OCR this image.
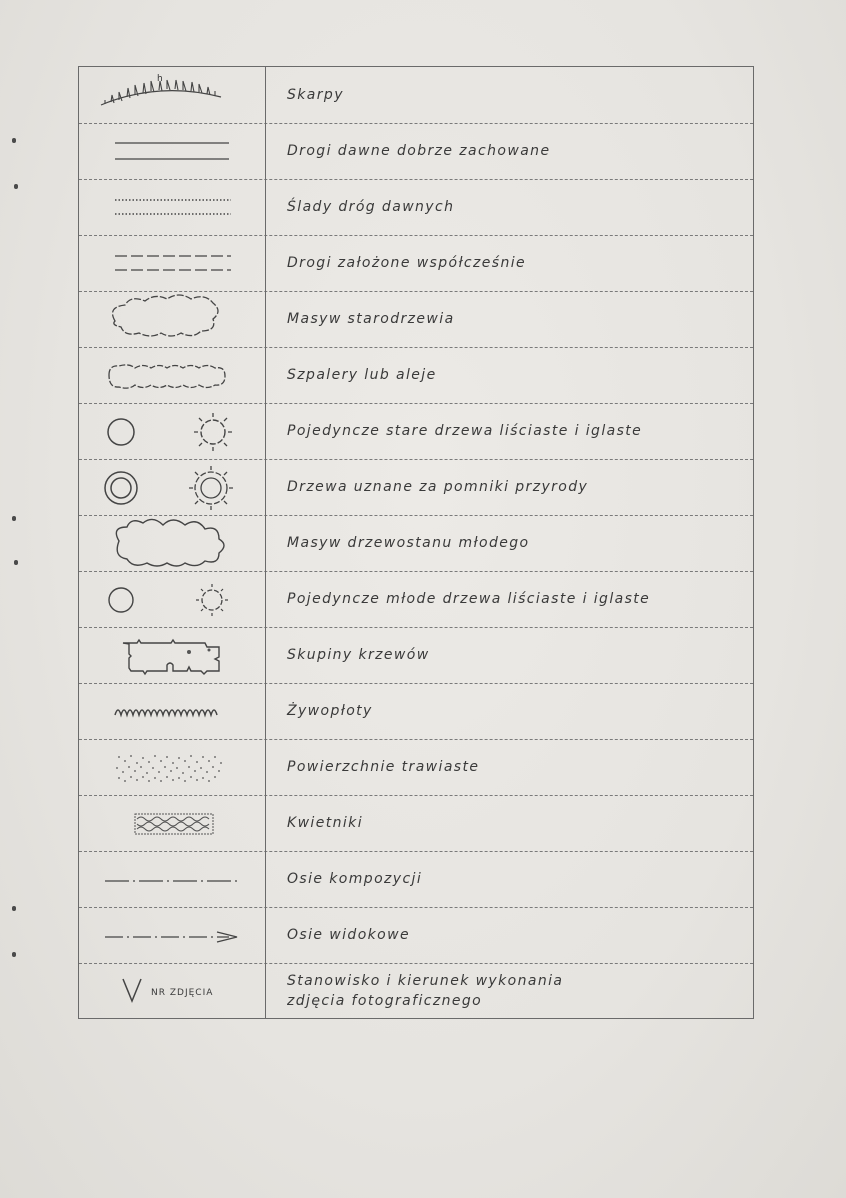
h
Skarpy
Drogi dawne dobrze zachowane
Ślady dróg dawnych
Drogi założone współcześnie
Masyw starodrzewia
Szpalery lub aleje
Pojedyncze stare drzewa liściaste i iglaste
Drzewa uznane za pomniki przyrody
Masyw drzewostanu młodego
Pojedyncze młode drzewa liściaste i iglaste
Skupiny krzewów
Żywopłoty
Powierzchnie trawiaste
Kwietniki
Osie kompozycji
Osie widokowe
NR ZDJĘCIA
Stanowisko i kierunek wykonania
zdjęcia fotograficznego
